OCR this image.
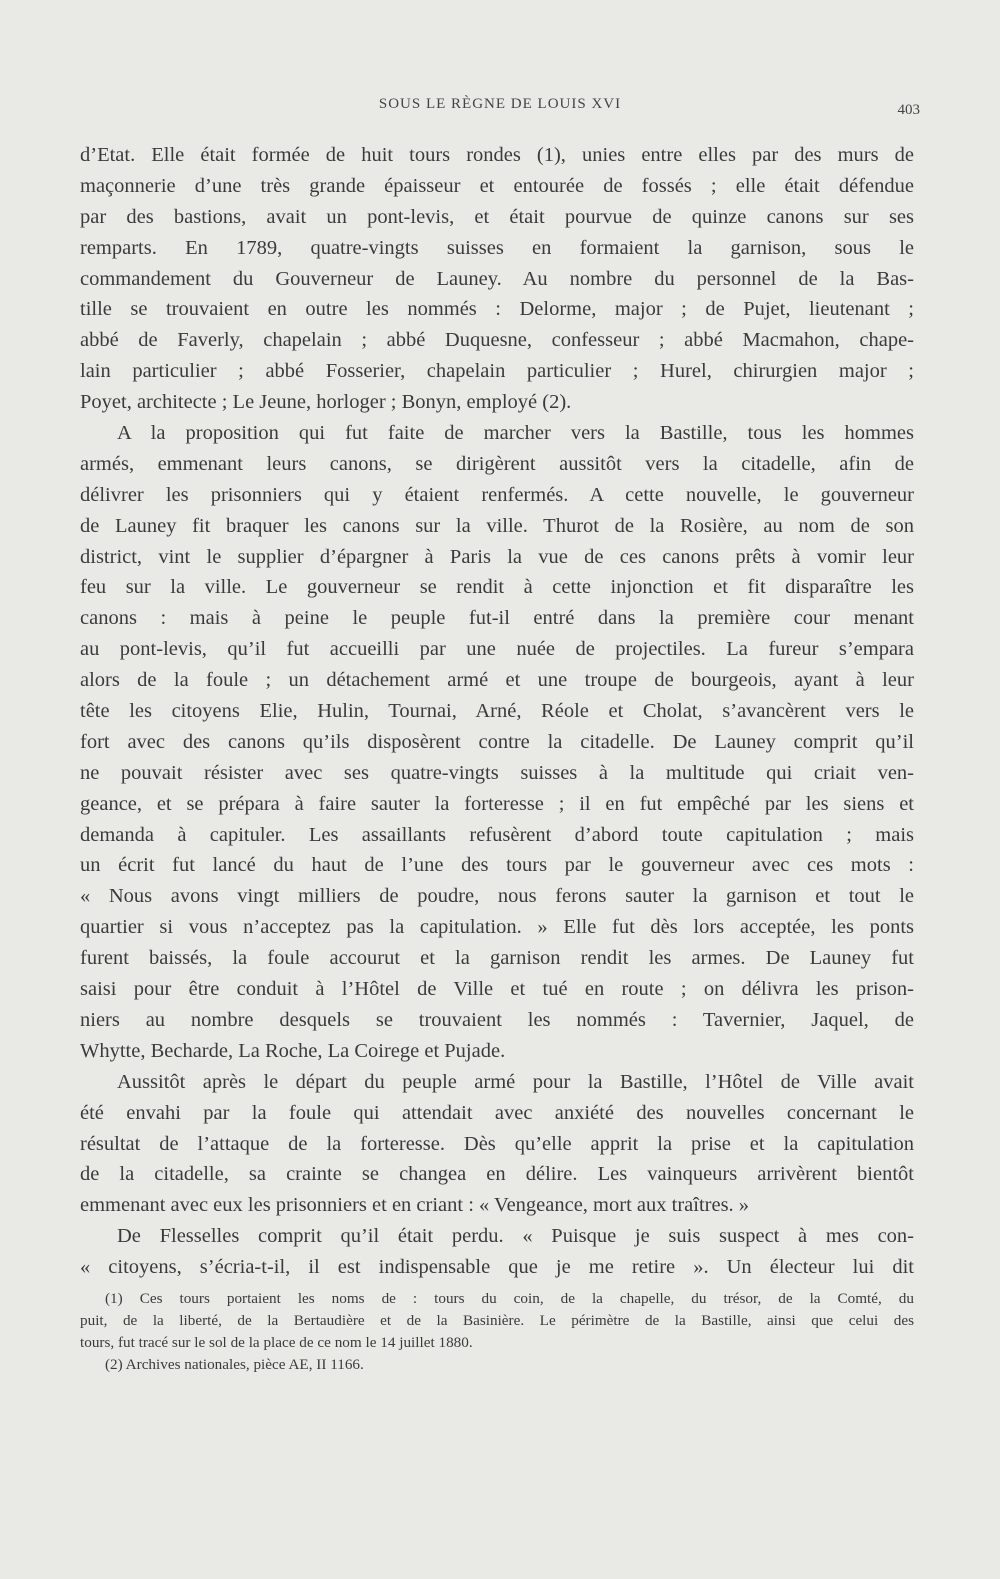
SOUS LE RÈGNE DE LOUIS XVI	403
d’Etat. Elle était formée de huit tours rondes (1), unies entre elles par des murs de
maçonnerie d’une très grande épaisseur et entourée de fossés ; elle était défendue
par des bastions, avait un pont-levis, et était pourvue de quinze canons sur ses
remparts. En 1789, quatre-vingts suisses en formaient la garnison, sous le
commandement du Gouverneur de Launey. Au nombre du personnel de la Bas-
tille se trouvaient en outre les nommés : Delorme, major ; de Pujet, lieutenant ;
abbé de Faverly, chapelain ; abbé Duquesne, confesseur ; abbé Macmahon, chape-
lain particulier ; abbé Fosserier, chapelain particulier ; Hurel, chirurgien major ;
Poyet, architecte ; Le Jeune, horloger ; Bonyn, employé (2).
A la proposition qui fut faite de marcher vers la Bastille, tous les hommes
armés, emmenant leurs canons, se dirigèrent aussitôt vers la citadelle, afin de
délivrer les prisonniers qui y étaient renfermés. A cette nouvelle, le gouverneur
de Launey fit braquer les canons sur la ville. Thurot de la Rosière, au nom de son
district, vint le supplier d’épargner à Paris la vue de ces canons prêts à vomir leur
feu sur la ville. Le gouverneur se rendit à cette injonction et fit disparaître les
canons : mais à peine le peuple fut-il entré dans la première cour menant
au pont-levis, qu’il fut accueilli par une nuée de projectiles. La fureur s’empara
alors de la foule ; un détachement armé et une troupe de bourgeois, ayant à leur
tête les citoyens Elie, Hulin, Tournai, Arné, Réole et Cholat, s’avancèrent vers le
fort avec des canons qu’ils disposèrent contre la citadelle. De Launey comprit qu’il
ne pouvait résister avec ses quatre-vingts suisses à la multitude qui criait ven-
geance, et se prépara à faire sauter la forteresse ; il en fut empêché par les siens et
demanda à capituler. Les assaillants refusèrent d’abord toute capitulation ; mais
un écrit fut lancé du haut de l’une des tours par le gouverneur avec ces mots :
« Nous avons vingt milliers de poudre, nous ferons sauter la garnison et tout le
quartier si vous n’acceptez pas la capitulation. » Elle fut dès lors acceptée, les ponts
furent baissés, la foule accourut et la garnison rendit les armes. De Launey fut
saisi pour être conduit à l’Hôtel de Ville et tué en route ; on délivra les prison-
niers au nombre desquels se trouvaient les nommés : Tavernier, Jaquel, de
Whytte, Becharde, La Roche, La Coirege et Pujade.
Aussitôt après le départ du peuple armé pour la Bastille, l’Hôtel de Ville avait
été envahi par la foule qui attendait avec anxiété des nouvelles concernant le
résultat de l’attaque de la forteresse. Dès qu’elle apprit la prise et la capitulation
de la citadelle, sa crainte se changea en délire. Les vainqueurs arrivèrent bientôt
emmenant avec eux les prisonniers et en criant : « Vengeance, mort aux traîtres. »
De Flesselles comprit qu’il était perdu. « Puisque je suis suspect à mes con-
« citoyens, s’écria-t-il, il est indispensable que je me retire ». Un électeur lui dit
(1) Ces tours portaient les noms de : tours du coin, de la chapelle, du trésor, de la Comté, du
puit, de la liberté, de la Bertaudière et de la Basinière. Le périmètre de la Bastille, ainsi que celui des
tours, fut tracé sur le sol de la place de ce nom le 14 juillet 1880.
(2) Archives nationales, pièce AE, II 1166.
